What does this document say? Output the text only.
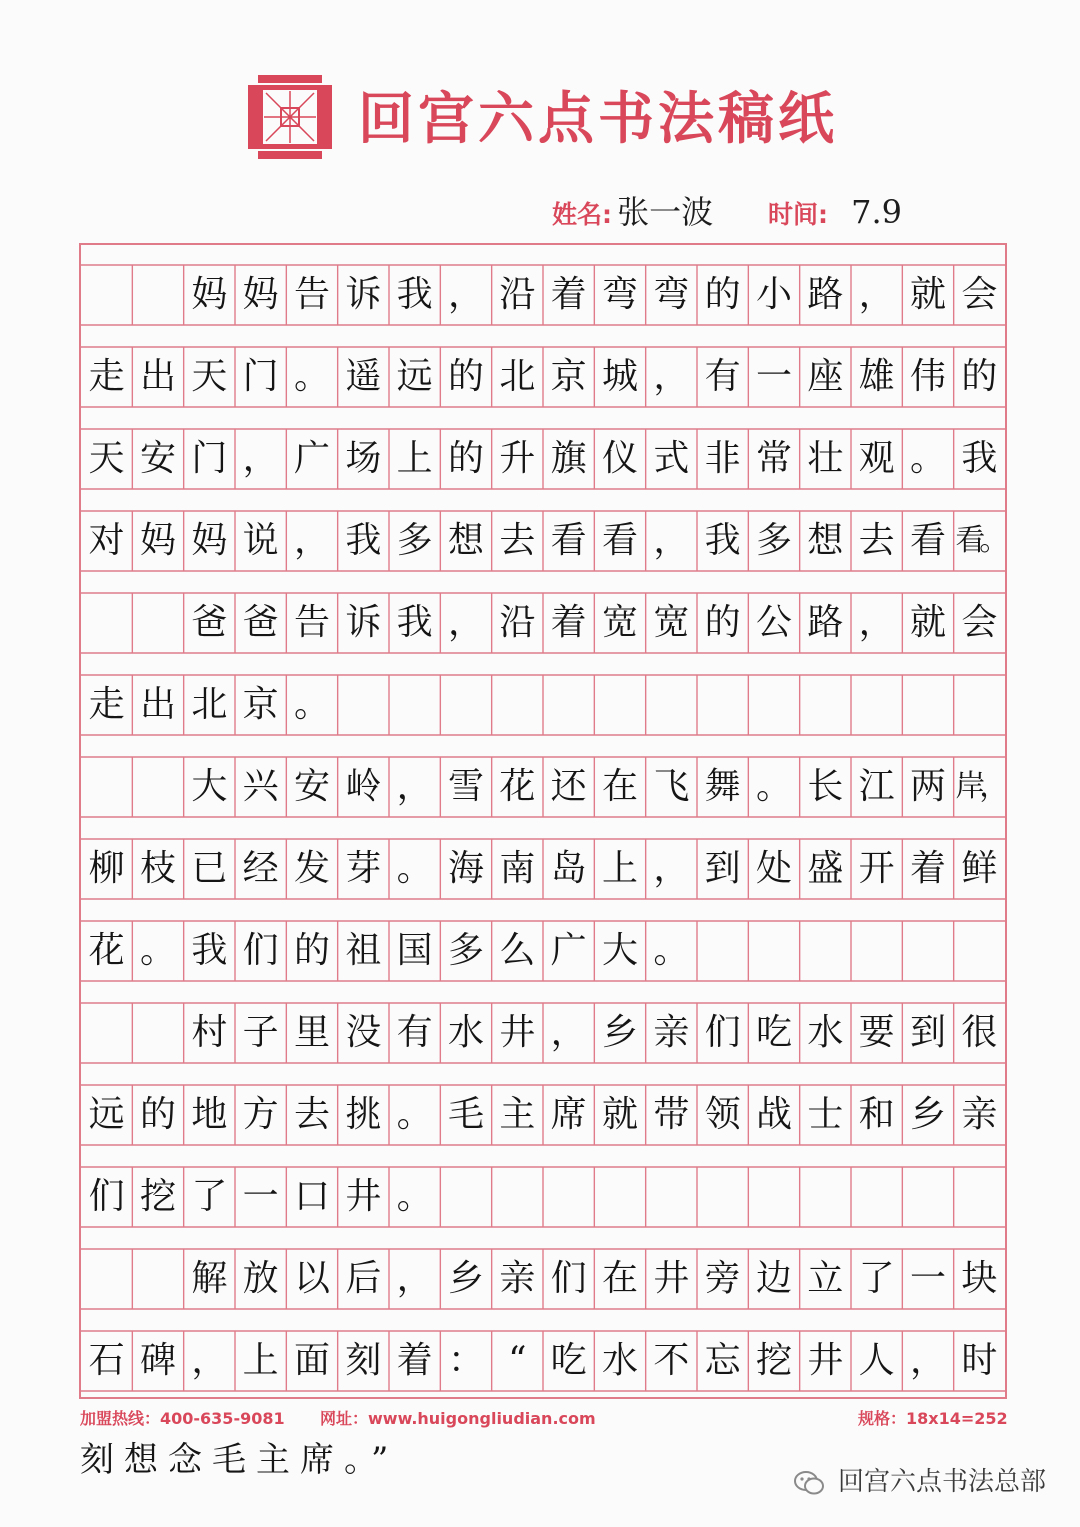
回宫六点书法稿纸
姓名: 张一波 时间: 7.9
妈 妈 告 诉 我 ， 沿 着 弯 弯 的 小 路 ， 就 会
走 出 天 门 。 遥 远 的 北 京 城 ， 有 一 座 雄 伟 的
天 安 门 ， 广 场 上 的 升 旗 仪 式 非 常 壮 观 。 我
对 妈 妈 说 ， 我 多 想 去 看 看 ， 我 多 想 去 看 看。
爸 爸 告 诉 我 ， 沿 着 宽 宽 的 公 路 ， 就 会
走 出 北 京 。
大 兴 安 岭 ， 雪 花 还 在 飞 舞 。 长 江 两 岸，
柳 枝 已 经 发 芽 。 海 南 岛 上 ， 到 处 盛 开 着 鲜
花 。 我 们 的 祖 国 多 么 广 大 。
村 子 里 没 有 水 井 ， 乡 亲 们 吃 水 要 到 很
远 的 地 方 去 挑 。 毛 主 席 就 带 领 战 士 和 乡 亲
们 挖 了 一 口 井 。
解 放 以 后 ， 乡 亲 们 在 井 旁 边 立 了 一 块
石 碑 ， 上 面 刻 着 ： “ 吃 水 不 忘 挖 井 人 ， 时
刻想念毛主席。”
加盟热线：400-635-9081 网址：www.huigongliudian.com	规格：18x14=252
回宫六点书法总部
